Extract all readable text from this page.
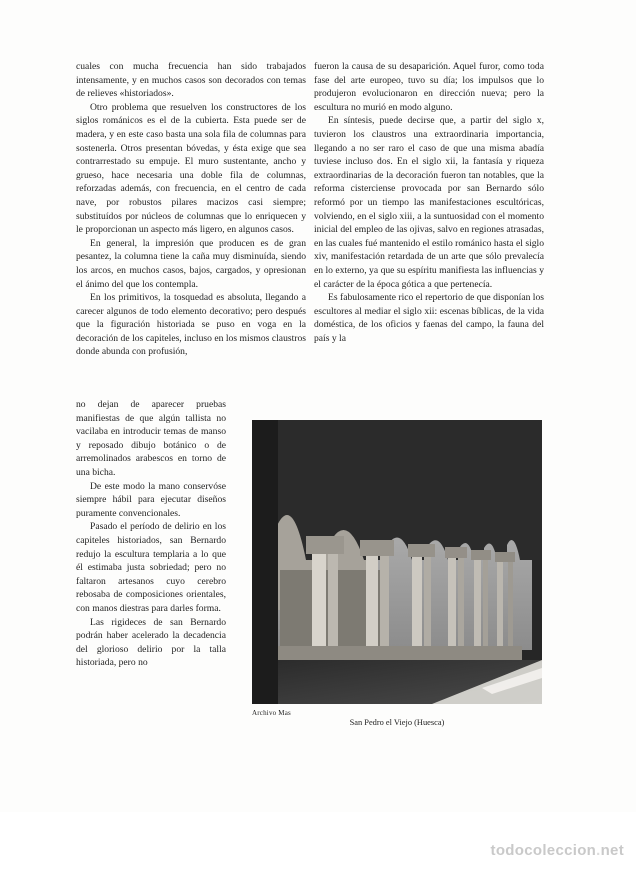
cuales con mucha frecuencia han sido trabajados intensamente, y en muchos casos son decorados con temas de relieves «historiados».

Otro problema que resuelven los constructores de los siglos románicos es el de la cubierta. Esta puede ser de madera, y en este caso basta una sola fila de columnas para sostenerla. Otros presentan bóvedas, y ésta exige que sea contrarrestado su empuje. El muro sustentante, ancho y grueso, hace necesaria una doble fila de columnas, reforzadas además, con frecuencia, en el centro de cada nave, por robustos pilares macizos casi siempre; substituídos por núcleos de columnas que lo enriquecen y le proporcionan un aspecto más ligero, en algunos casos.

En general, la impresión que producen es de gran pesantez, la columna tiene la caña muy disminuída, siendo los arcos, en muchos casos, bajos, cargados, y opresionan el ánimo del que los contempla.

En los primitivos, la tosquedad es absoluta, llegando a carecer algunos de todo elemento decorativo; pero después que la figuración historiada se puso en voga en la decoración de los capiteles, incluso en los mismos claustros donde abunda con profusión,

no dejan de aparecer pruebas manifiestas de que algún tallista no vacilaba en introducir temas de manso y reposado dibujo botánico o de arremolinados arabescos en torno de una bicha.

De este modo la mano conservóse siempre hábil para ejecutar diseños puramente convencionales.

Pasado el período de delirio en los capiteles historiados, san Bernardo redujo la escultura templaria a lo que él estimaba justa sobriedad; pero no faltaron artesanos cuyo cerebro rebosaba de composiciones orientales, con manos diestras para darles forma.

Las rigideces de san Bernardo podrán haber acelerado la decadencia del glorioso delirio por la talla historiada, pero no

fueron la causa de su desaparición. Aquel furor, como toda fase del arte europeo, tuvo su día; los impulsos que lo produjeron evolucionaron en dirección nueva; pero la escultura no murió en modo alguno.

En síntesis, puede decirse que, a partir del siglo x, tuvieron los claustros una extraordinaria importancia, llegando a no ser raro el caso de que una misma abadía tuviese incluso dos. En el siglo xii, la fantasía y riqueza extraordinarias de la decoración fueron tan notables, que la reforma cisterciense provocada por san Bernardo sólo reformó por un tiempo las manifestaciones escultóricas, volviendo, en el siglo xiii, a la suntuosidad con el momento inicial del empleo de las ojivas, salvo en regiones atrasadas, en las cuales fué mantenido el estilo románico hasta el siglo xiv, manifestación retardada de un arte que sólo prevalecía en lo externo, ya que su espíritu manifiesta las influencias y el carácter de la época gótica a que pertenecía.

Es fabulosamente rico el repertorio de que disponían los escultores al mediar el siglo xii: escenas bíblicas, de la vida doméstica, de los oficios y faenas del campo, la fauna del país y la

Archivo Mas
San Pedro el Viejo (Huesca)
todocoleccion.net
